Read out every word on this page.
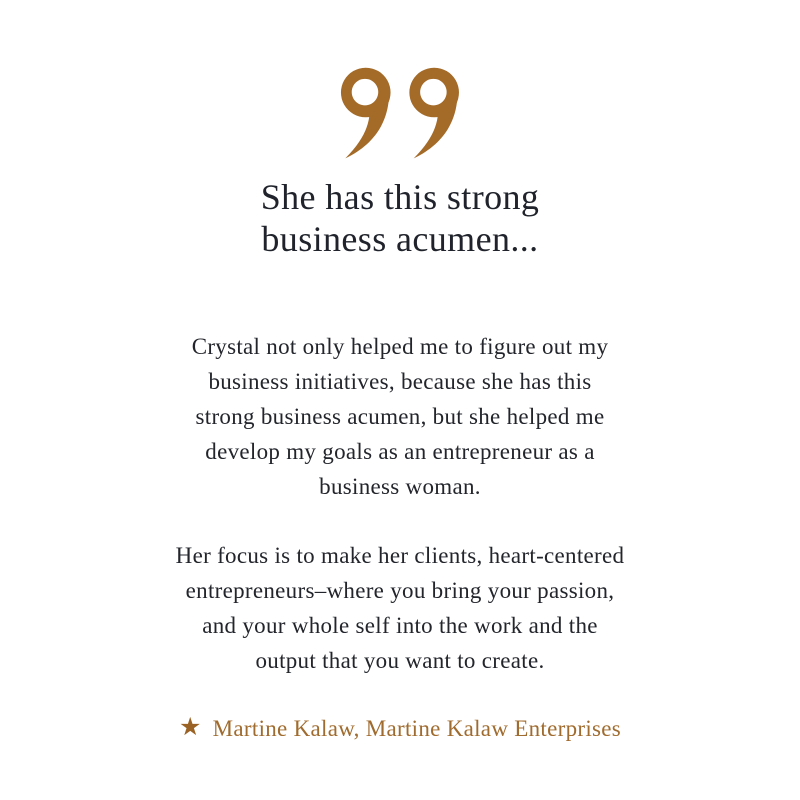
She has this strong
business acumen...
Crystal not only helped me to figure out my
business initiatives, because she has this
strong business acumen, but she helped me
develop my goals as an entrepreneur as a
business woman.
Her focus is to make her clients, heart-centered
entrepreneurs–where you bring your passion,
and your whole self into the work and the
output that you want to create.
★ Martine Kalaw, Martine Kalaw Enterprises
